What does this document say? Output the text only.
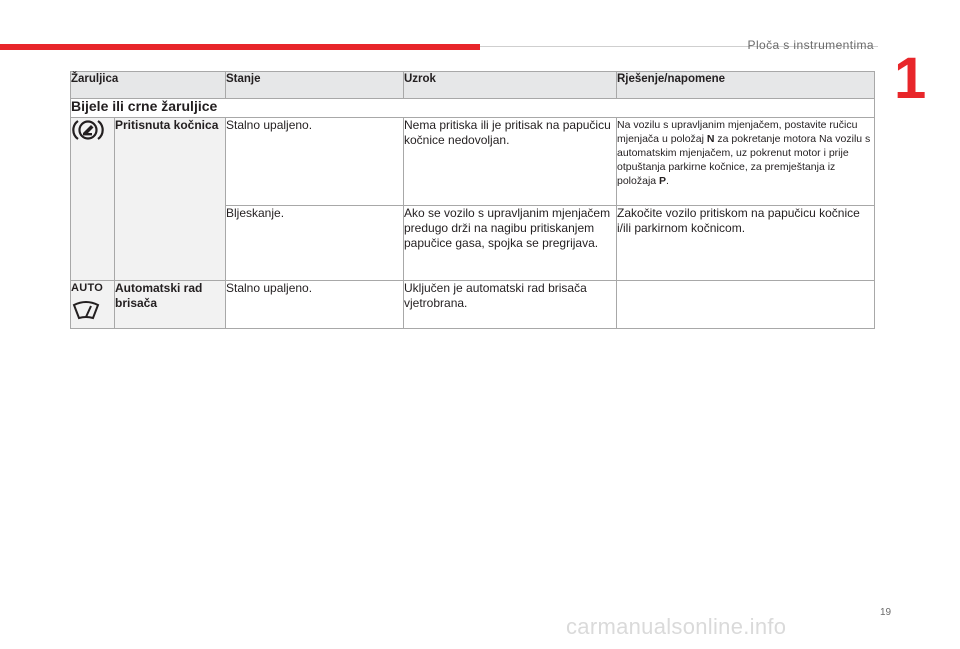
Ploča s instrumentima
1
Žaruljica		Stanje	Uzrok	Rješenje/napomene
Bijele ili crne žaruljice				
	Pritisnuta kočnica	Stalno upaljeno.	Nema pritiska ili je pritisak na papučicu kočnice nedovoljan.	Na vozilu s upravljanim mjenjačem, postavite ručicu mjenjača u položaj N za pokretanje motora Na vozilu s automatskim mjenjačem, uz pokrenut motor i prije otpuštanja parkirne kočnice, za premještanja iz položaja P.
		Bljeskanje.	Ako se vozilo s upravljanim mjenjačem predugo drži na nagibu pritiskanjem papučice gasa, spojka se pregrijava.	Zakočite vozilo pritiskom na papučicu kočnice i/ili parkirnom kočnicom.

AUTO	Automatski rad brisača	Stalno upaljeno.	Uključen je automatski rad brisača vjetrobrana.	
19
carmanualsonline.info
